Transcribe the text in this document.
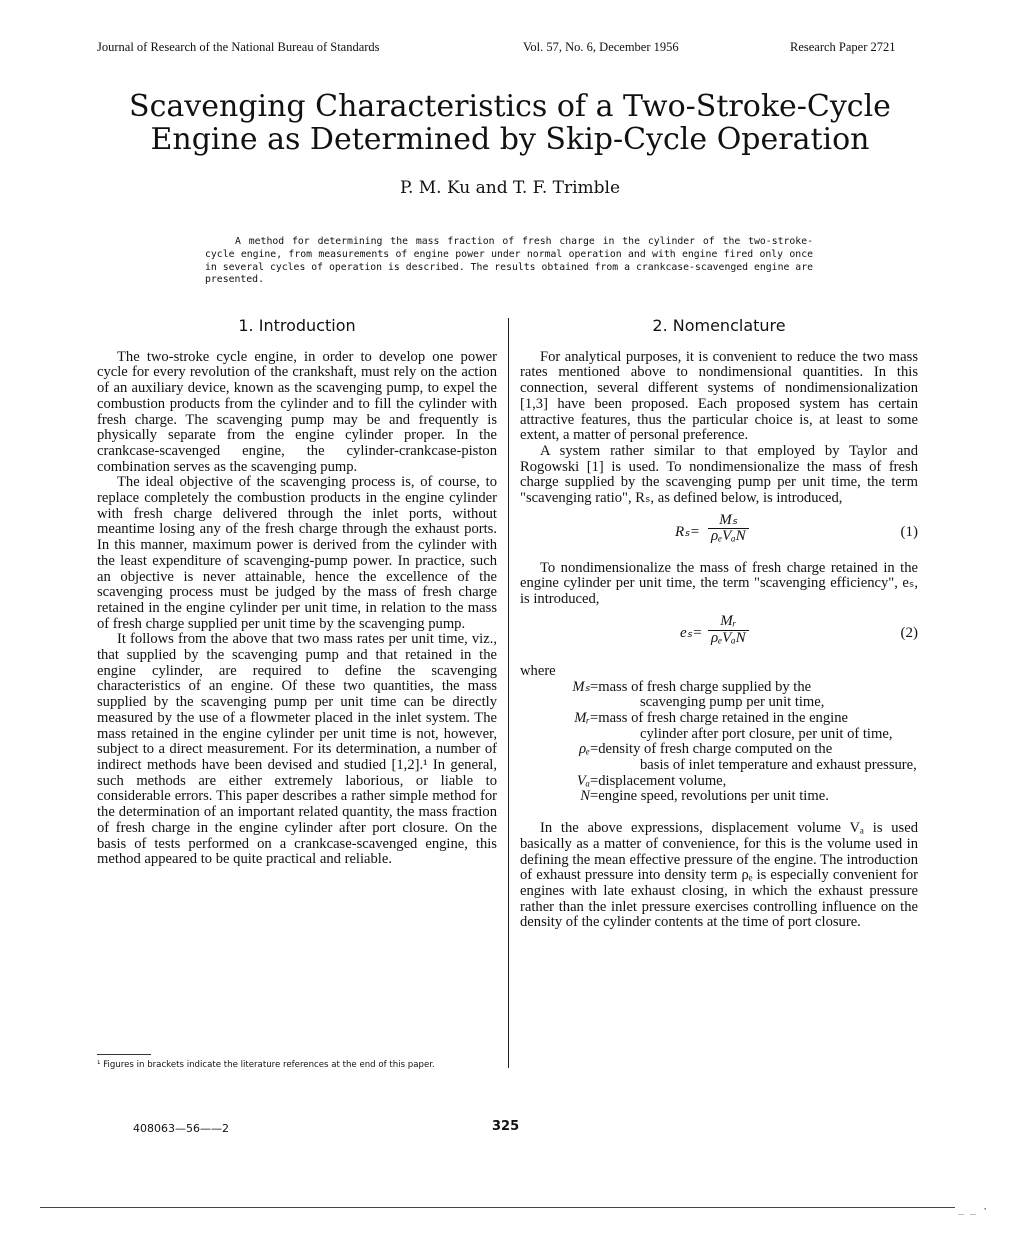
Journal of Research of the National Bureau of Standards	Vol. 57, No. 6, December 1956	Research Paper 2721
Scavenging Characteristics of a Two-Stroke-Cycle
Engine as Determined by Skip-Cycle Operation
P. M. Ku and T. F. Trimble
A method for determining the mass fraction of fresh charge in the cylinder of the two-stroke-cycle engine, from measurements of engine power under normal operation and with engine fired only once in several cycles of operation is described. The results obtained from a crankcase-scavenged engine are presented.
1. Introduction

The two-stroke cycle engine, in order to develop one power cycle for every revolution of the crankshaft, must rely on the action of an auxiliary device, known as the scavenging pump, to expel the combustion products from the cylinder and to fill the cylinder with fresh charge. The scavenging pump may be and frequently is physically separate from the engine cylinder proper. In the crankcase-scavenged engine, the cylinder-crankcase-piston combination serves as the scavenging pump.

The ideal objective of the scavenging process is, of course, to replace completely the combustion products in the engine cylinder with fresh charge delivered through the inlet ports, without meantime losing any of the fresh charge through the exhaust ports. In this manner, maximum power is derived from the cylinder with the least expenditure of scavenging-pump power. In practice, such an objective is never attainable, hence the excellence of the scavenging process must be judged by the mass of fresh charge retained in the engine cylinder per unit time, in relation to the mass of fresh charge supplied per unit time by the scavenging pump.

It follows from the above that two mass rates per unit time, viz., that supplied by the scavenging pump and that retained in the engine cylinder, are required to define the scavenging characteristics of an engine. Of these two quantities, the mass supplied by the scavenging pump per unit time can be directly measured by the use of a flowmeter placed in the inlet system. The mass retained in the engine cylinder per unit time is not, however, subject to a direct measurement. For its determination, a number of indirect methods have been devised and studied [1,2].¹ In general, such methods are either extremely laborious, or liable to considerable errors. This paper describes a rather simple method for the determination of an important related quantity, the mass fraction of fresh charge in the engine cylinder after port closure. On the basis of tests performed on a crankcase-scavenged engine, this method appeared to be quite practical and reliable.

¹ Figures in brackets indicate the literature references at the end of this paper.
2. Nomenclature

For analytical purposes, it is convenient to reduce the two mass rates mentioned above to nondimensional quantities. In this connection, several different systems of nondimensionalization [1,3] have been proposed. Each proposed system has certain attractive features, thus the particular choice is, at least to some extent, a matter of personal preference.

A system rather similar to that employed by Taylor and Rogowski [1] is used. To nondimensionalize the mass of fresh charge supplied by the scavenging pump per unit time, the term "scavenging ratio", Rₛ, as defined below, is introduced,

Rₛ=
Mₛ
ρₑVₐN	(1)

To nondimensionalize the mass of fresh charge retained in the engine cylinder per unit time, the term "scavenging efficiency", eₛ, is introduced,

eₛ=
Mᵣ
ρₑVₐN	(2)
where
Mₛ =mass of fresh charge supplied by the
scavenging pump per unit time,
Mᵣ =mass of fresh charge retained in the engine
cylinder after port closure, per unit of time,
ρₑ =density of fresh charge computed on the
basis of inlet temperature and exhaust pressure,
Vₐ =displacement volume,
N =engine speed, revolutions per unit time.

In the above expressions, displacement volume Vₐ is used basically as a matter of convenience, for this is the volume used in defining the mean effective pressure of the engine. The introduction of exhaust pressure into density term ρₑ is especially convenient for engines with late exhaust closing, in which the exhaust pressure rather than the inlet pressure exercises controlling influence on the density of the cylinder contents at the time of port closure.

408063—56——2	325
_ _ ·
